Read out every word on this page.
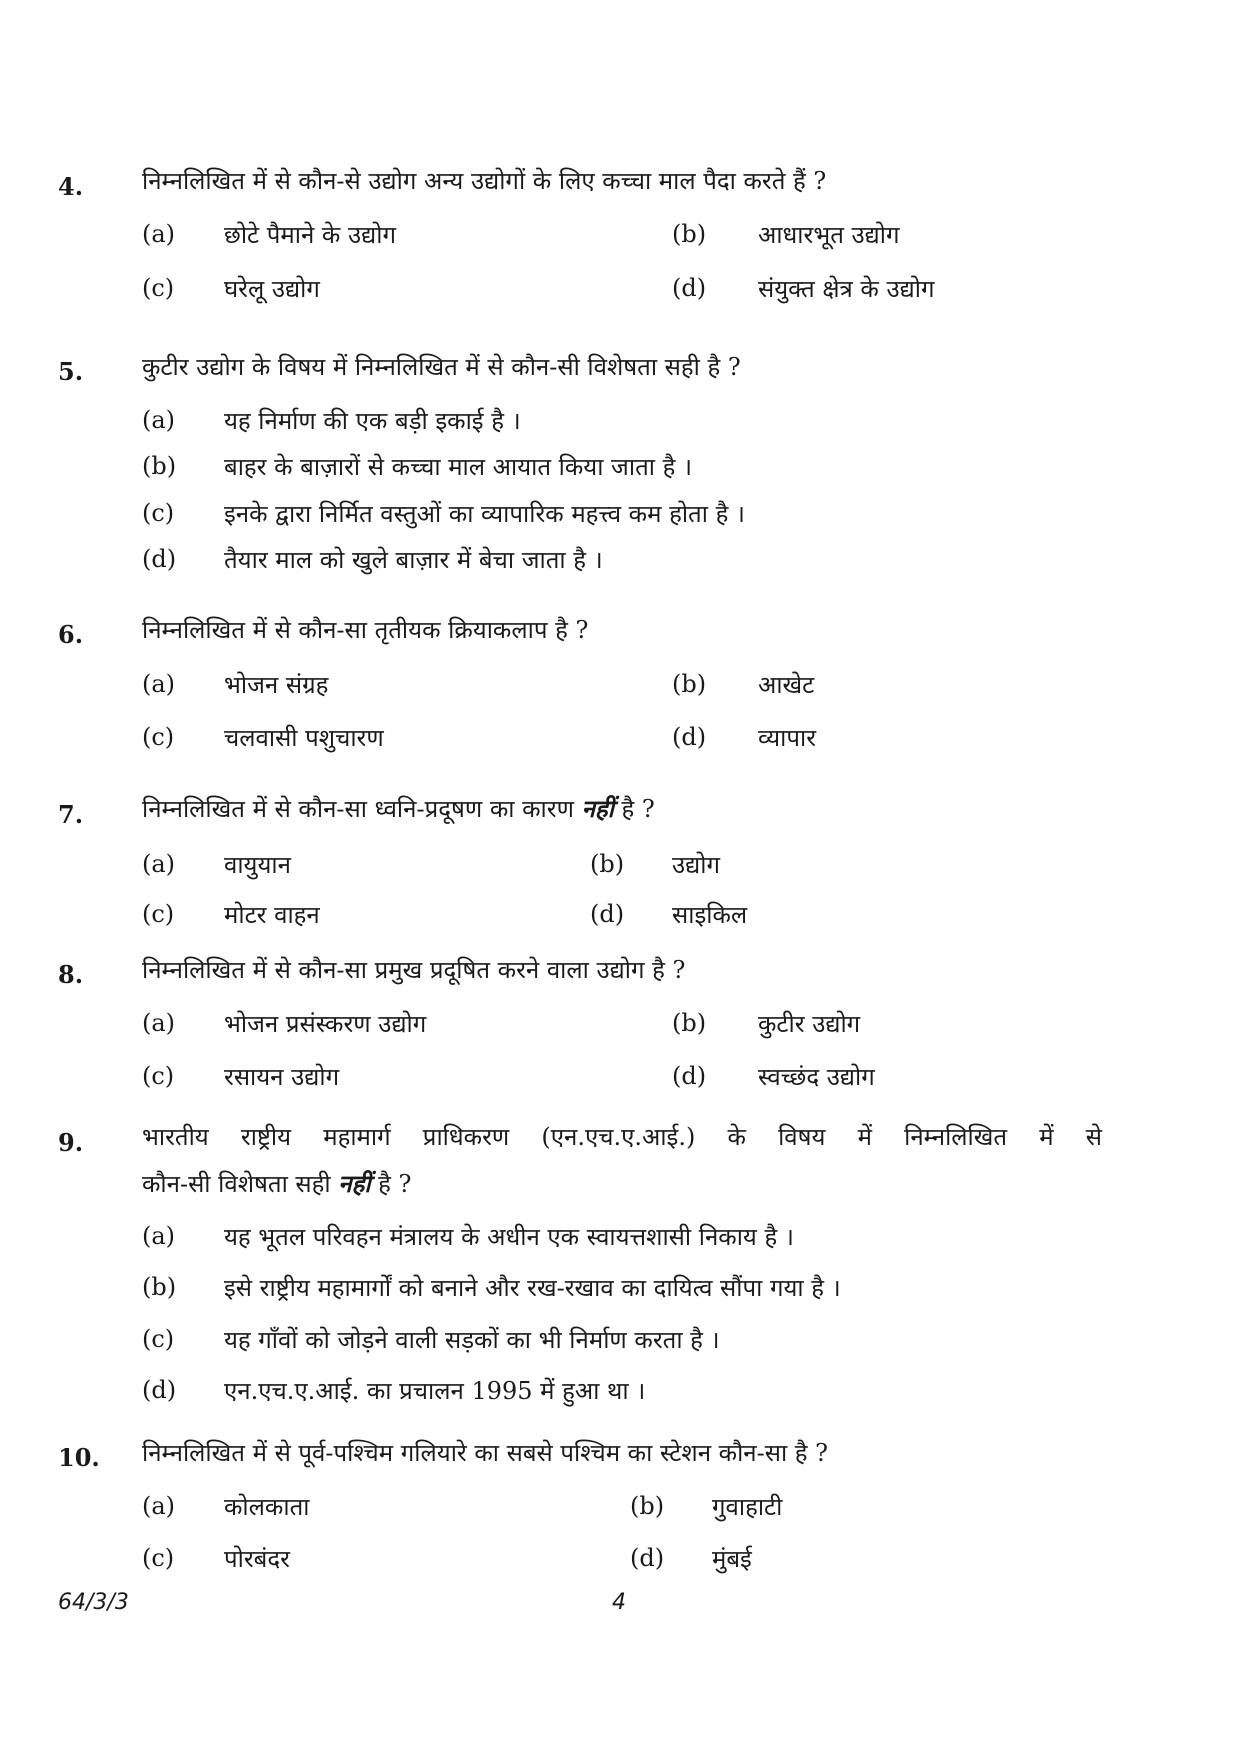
4. निम्नलिखित में से कौन-से उद्योग अन्य उद्योगों के लिए कच्चा माल पैदा करते हैं ?
(a) छोटे पैमाने के उद्योग	(b) आधारभूत उद्योग
(c) घरेलू उद्योग	(d) संयुक्त क्षेत्र के उद्योग
5. कुटीर उद्योग के विषय में निम्नलिखित में से कौन-सी विशेषता सही है ?
(a) यह निर्माण की एक बड़ी इकाई है ।
(b) बाहर के बाज़ारों से कच्चा माल आयात किया जाता है ।
(c) इनके द्वारा निर्मित वस्तुओं का व्यापारिक महत्त्व कम होता है ।
(d) तैयार माल को खुले बाज़ार में बेचा जाता है ।
6. निम्नलिखित में से कौन-सा तृतीयक क्रियाकलाप है ?
(a) भोजन संग्रह	(b) आखेट
(c) चलवासी पशुचारण	(d) व्यापार
7. निम्नलिखित में से कौन-सा ध्वनि-प्रदूषण का कारण नहीं है ?
(a) वायुयान	(b) उद्योग
(c) मोटर वाहन	(d) साइकिल
8. निम्नलिखित में से कौन-सा प्रमुख प्रदूषित करने वाला उद्योग है ?
(a) भोजन प्रसंस्करण उद्योग	(b) कुटीर उद्योग
(c) रसायन उद्योग	(d) स्वच्छंद उद्योग
9. भारतीय राष्ट्रीय महामार्ग प्राधिकरण (एन.एच.ए.आई.) के विषय में निम्नलिखित में से
कौन-सी विशेषता सही नहीं है ?
(a) यह भूतल परिवहन मंत्रालय के अधीन एक स्वायत्तशासी निकाय है ।
(b) इसे राष्ट्रीय महामार्गों को बनाने और रख-रखाव का दायित्व सौंपा गया है ।
(c) यह गाँवों को जोड़ने वाली सड़कों का भी निर्माण करता है ।
(d) एन.एच.ए.आई. का प्रचालन 1995 में हुआ था ।
10. निम्नलिखित में से पूर्व-पश्चिम गलियारे का सबसे पश्चिम का स्टेशन कौन-सा है ?
(a) कोलकाता	(b) गुवाहाटी
(c) पोरबंदर	(d) मुंबई
64/3/3	4
